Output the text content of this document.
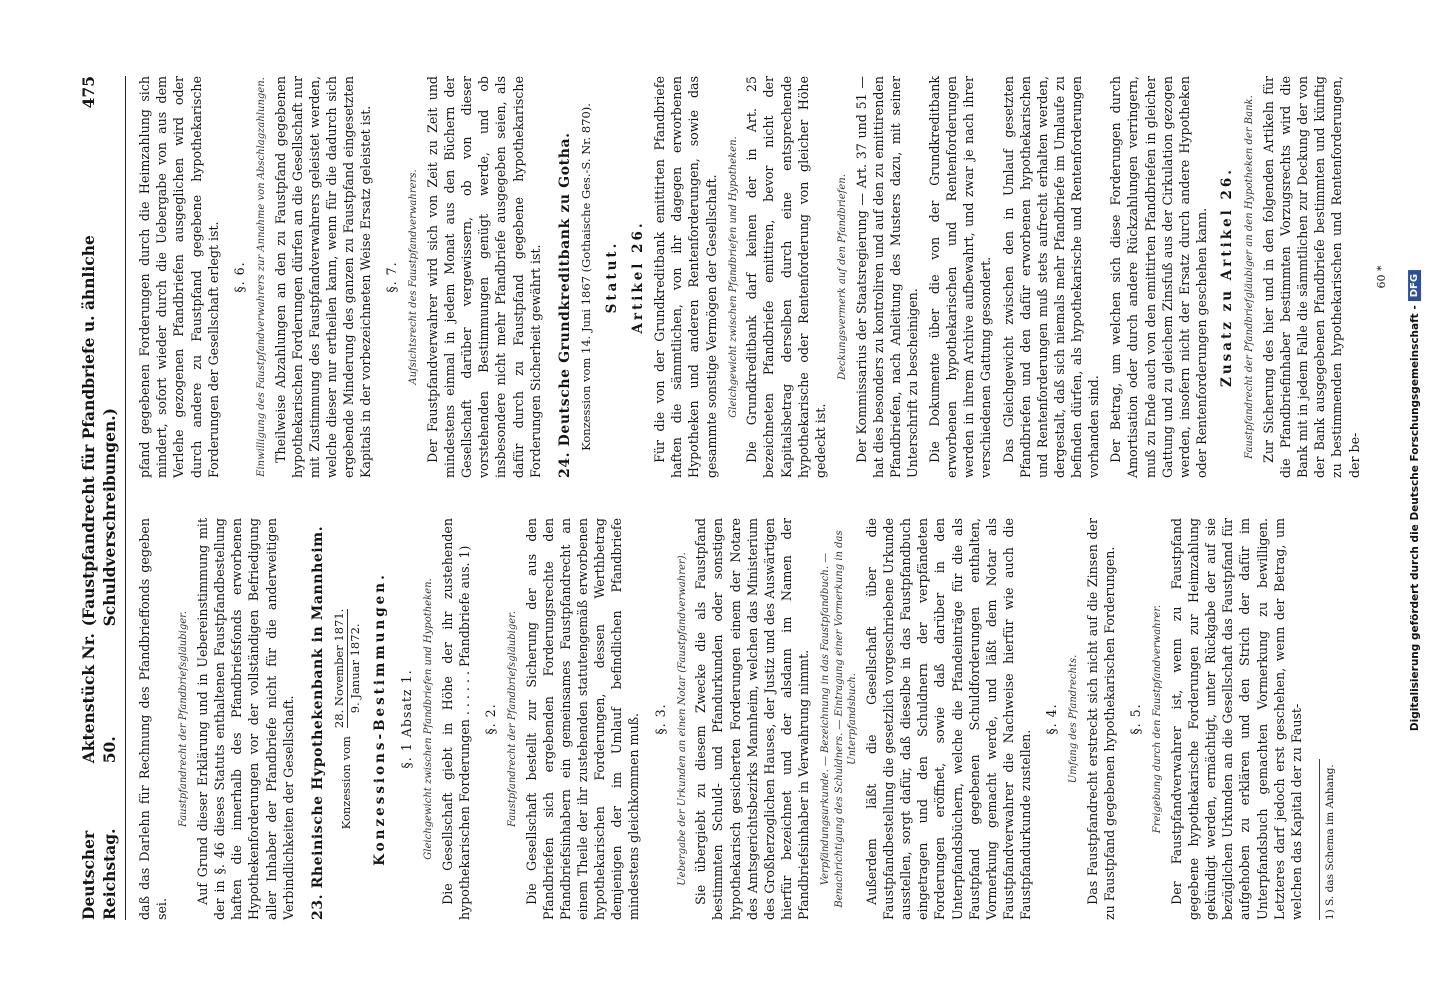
Deutscher Reichstag.
Aktenstück Nr. 50.
(Faustpfandrecht für Pfandbriefe u. ähnliche Schuldverschreibungen.)
475

daß das Darlehn für Rechnung des Pfandbrieffonds gegeben sei.

Faustpfandrecht der Pfandbriefsgläubiger. Auf Grund dieser Erklärung und in Uebereinstimmung mit der in §. 46 dieses Statuts enthaltenen Faustpfandbestellung haften die innerhalb des Pfandbriefsfonds erworbenen Hypothekenforderungen vor der vollständigen Befriedigung aller Inhaber der Pfandbriefe nicht für die anderweitigen Verbindlichkeiten der Gesellschaft. 23. Rheinische Hypothekenbank in Mannheim. Konzession vom
28. November 1871. 9. Januar 1872. Konzessions-Bestimmungen. §. 1 Absatz 1. Gleichgewicht zwischen Pfandbriefen und Hypotheken. Die Gesellschaft giebt in Höhe der ihr zustehenden hypothekarischen Forderungen . . . . . . Pfandbriefe aus. 1) §. 2. Faustpfandrecht der Pfandbriefsgläubiger. Die Gesellschaft bestellt zur Sicherung der aus den Pfandbriefen sich ergebenden Forderungsrechte den Pfandbriefsinhabern ein gemeinsames Faustpfandrecht an einem Theile der ihr zustehenden statutengemäß erworbenen hypothekarischen Forderungen, dessen Werthbetrag demjenigen der im Umlauf befindlichen Pfandbriefe mindestens gleichkommen muß. §. 3. Uebergabe der Urkunden an einen Notar (Faustpfandverwahrer). Sie übergiebt zu diesem Zwecke die als Faustpfand bestimmten Schuld- und Pfandurkunden oder sonstigen hypothekarisch gesicherten Forderungen einem der Notare des Amtsgerichtsbezirks Mannheim, welchen das Ministerium des Großherzoglichen Hauses, der Justiz und des Auswärtigen hierfür bezeichnet und der alsdann im Namen der Pfandbriefsinhaber in Verwahrung nimmt. Verpfändungsurkunde. — Bezeichnung in das Faustpfandbuch. — Benachrichtigung des Schuldners. — Eintragung einer Vormerkung in das Unterpfandsbuch. Außerdem läßt die Gesellschaft über die Faustpfandbestellung die gesetzlich vorgeschriebene Urkunde ausstellen, sorgt dafür, daß dieselbe in das Faustpfandbuch eingetragen und den Schuldnern der verpfändeten Forderungen eröffnet, sowie daß darüber in den Unterpfandsbüchern, welche die Pfandeinträge für die als Faustpfand gegebenen Schuldforderungen enthalten, Vormerkung gemacht werde, und läßt dem Notar als Faustpfandverwahrer die Nachweise hierfür wie auch die Faustpfandurkunde zustellen.

§. 4. Umfang des Pfandrechts. Das Faustpfandrecht erstreckt sich nicht auf die Zinsen der zu Faustpfand gegebenen hypothekarischen Forderungen. §. 5. Freigebung durch den Faustpfandverwahrer. Der Faustpfandverwahrer ist, wenn zu Faustpfand gegebene hypothekarische Forderungen zur Heimzahlung gekündigt werden, ermächtigt, unter Rückgabe der auf sie bezüglichen Urkunden an die Gesellschaft das Faustpfand für aufgehoben zu erklären und den Strich der dafür im Unterpfandsbuch gemachten Vormerkung zu bewilligen. Letzteres darf jedoch erst geschehen, wenn der Betrag, um welchen das Kapital der zu Faust-	1) S. das Schema im Anhang.

pfand gegebenen Forderungen durch die Heimzahlung sich mindert, sofort wieder durch die Uebergabe von aus dem Verlehe gezogenen Pfandbriefen ausgeglichen wird oder durch andere zu Faustpfand gegebene hypothekarische Forderungen der Gesellschaft erlegt ist. §. 6. Einwilligung des Faustpfandverwahrers zur Annahme von Abschlagzahlungen. Theilweise Abzahlungen an den zu Faustpfand gegebenen hypothekarischen Forderungen dürfen an die Gesellschaft nur mit Zustimmung des Faustpfandverwahrers geleistet werden, welche dieser nur ertheilen kann, wenn für die dadurch sich ergebende Minderung des ganzen zu Faustpfand eingesetzten Kapitals in der vorbezeichneten Weise Ersatz geleistet ist. §. 7. Aufsichtsrecht des Faustpfandverwahrers. Der Faustpfandverwahrer wird sich von Zeit zu Zeit und mindestens einmal in jedem Monat aus den Büchern der Gesellschaft darüber vergewissern, ob von dieser vorstehenden Bestimmungen genügt werde, und ob insbesondere nicht mehr Pfandbriefe ausgegeben seien, als dafür durch zu Faustpfand gegebene hypothekarische Forderungen Sicherheit gewährt ist. 24. Deutsche Grundkreditbank zu Gotha. Konzession vom 14. Juni 1867 (Gothaische Ges.-S. Nr. 870). Statut. Artikel 26. Für die von der Grundkreditbank emittirten Pfandbriefe haften die sämmtlichen, von ihr dagegen erworbenen Hypotheken und anderen Rentenforderungen, sowie das gesammte sonstige Vermögen der Gesellschaft. Gleichgewicht zwischen Pfandbriefen und Hypotheken. Die Grundkreditbank darf keinen der in Art. 25 bezeichneten Pfandbriefe emittiren, bevor nicht der Kapitalsbetrag derselben durch eine entsprechende hypothekarische oder Rentenforderung von gleicher Höhe gedeckt ist.

Deckungsvermerk auf den Pfandbriefen. Der Kommissarius der Staatsregierung — Art. 37 und 51 — hat dies besonders zu kontroliren und auf den zu emittirenden Pfandbriefen, nach Anleitung des Musters dazu, mit seiner Unterschrift zu bescheinigen. Die Dokumente über die von der Grundkreditbank erworbenen hypothekarischen und Rentenforderungen werden in ihrem Archive aufbewahrt, und zwar je nach ihrer verschiedenen Gattung gesondert. Das Gleichgewicht zwischen den in Umlauf gesetzten Pfandbriefen und den dafür erworbenen hypothekarischen und Rentenforderungen muß stets aufrecht erhalten werden, dergestalt, daß sich niemals mehr Pfandbriefe im Umlaufe zu befinden dürfen, als hypothekarische und Rentenforderungen vorhanden sind. Der Betrag, um welchen sich diese Forderungen durch Amortisation oder durch andere Rückzahlungen verringern, muß zu Ende auch von den emittirten Pfandbriefen in gleicher Gattung und zu gleichem Zinsfuß aus der Cirkulation gezogen werden, insofern nicht der Ersatz durch andere Hypotheken oder Rentenforderungen geschehen kann. Zusatz zu Artikel 26. Faustpfandrecht der Pfandbriefgläubiger an den Hypotheken der Bank. Zur Sicherung des hier und in den folgenden Artikeln für die Pfandbriefinhaber bestimmten Vorzugsrechts wird die Bank mit in jedem Falle die sämmtlichen zur Deckung der von der Bank ausgegebenen Pfandbriefe bestimmten und künftig zu bestimmenden hypothekarischen und Rentenforderungen, der be-

60 *
Digitalisierung gefördert durch die Deutsche Forschungsgemeinschaft -
DFG
